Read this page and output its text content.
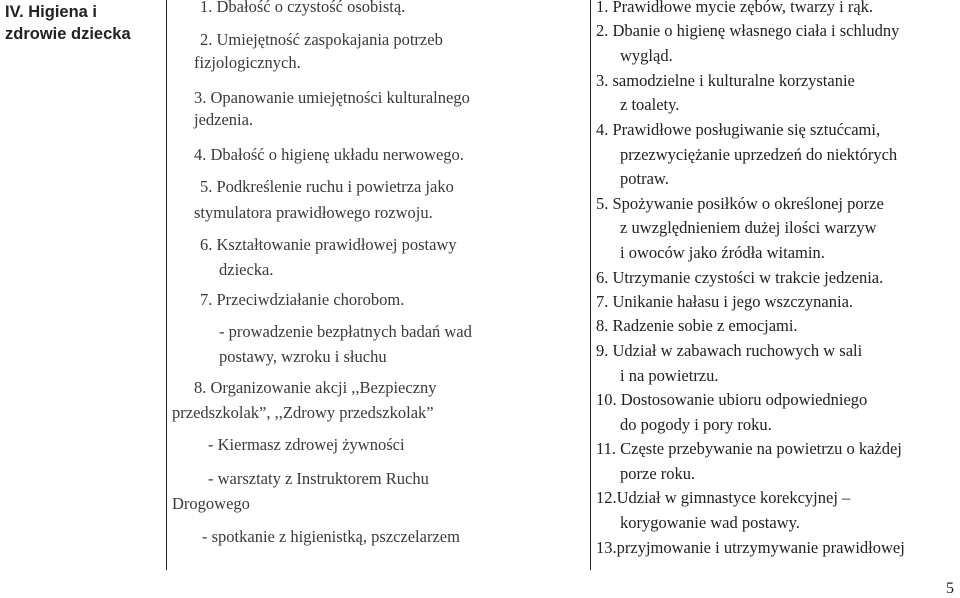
IV. Higiena i
zdrowie dziecka
1. Dbałość o czystość osobistą.
2. Umiejętność zaspokajania potrzeb
fizjologicznych.
3. Opanowanie umiejętności kulturalnego
jedzenia.
4. Dbałość o higienę układu nerwowego.
5. Podkreślenie ruchu i powietrza jako
stymulatora prawidłowego rozwoju.
6. Kształtowanie prawidłowej postawy
dziecka.
7. Przeciwdziałanie chorobom.
- prowadzenie bezpłatnych badań wad
postawy, wzroku i słuchu
8. Organizowanie akcji ,,Bezpieczny
przedszkolak”, ,,Zdrowy przedszkolak”
- Kiermasz zdrowej żywności
- warsztaty z Instruktorem Ruchu
Drogowego
- spotkanie z higienistką, pszczelarzem
1. Prawidłowe mycie zębów, twarzy i rąk.
2. Dbanie o higienę własnego ciała i schludny
wygląd.
3. samodzielne i kulturalne korzystanie
z toalety.
4. Prawidłowe posługiwanie się sztućcami,
przezwyciężanie uprzedzeń do niektórych
potraw.
5. Spożywanie posiłków o określonej porze
z uwzględnieniem dużej ilości warzyw
i owoców jako źródła witamin.
6. Utrzymanie czystości w trakcie jedzenia.
7. Unikanie hałasu i jego wszczynania.
8. Radzenie sobie z emocjami.
9. Udział w zabawach ruchowych w sali
i na powietrzu.
10. Dostosowanie ubioru odpowiedniego
do pogody i pory roku.
11. Częste przebywanie na powietrzu o każdej
porze roku.
12.Udział w gimnastyce korekcyjnej –
korygowanie wad postawy.
13.przyjmowanie i utrzymywanie prawidłowej
5
